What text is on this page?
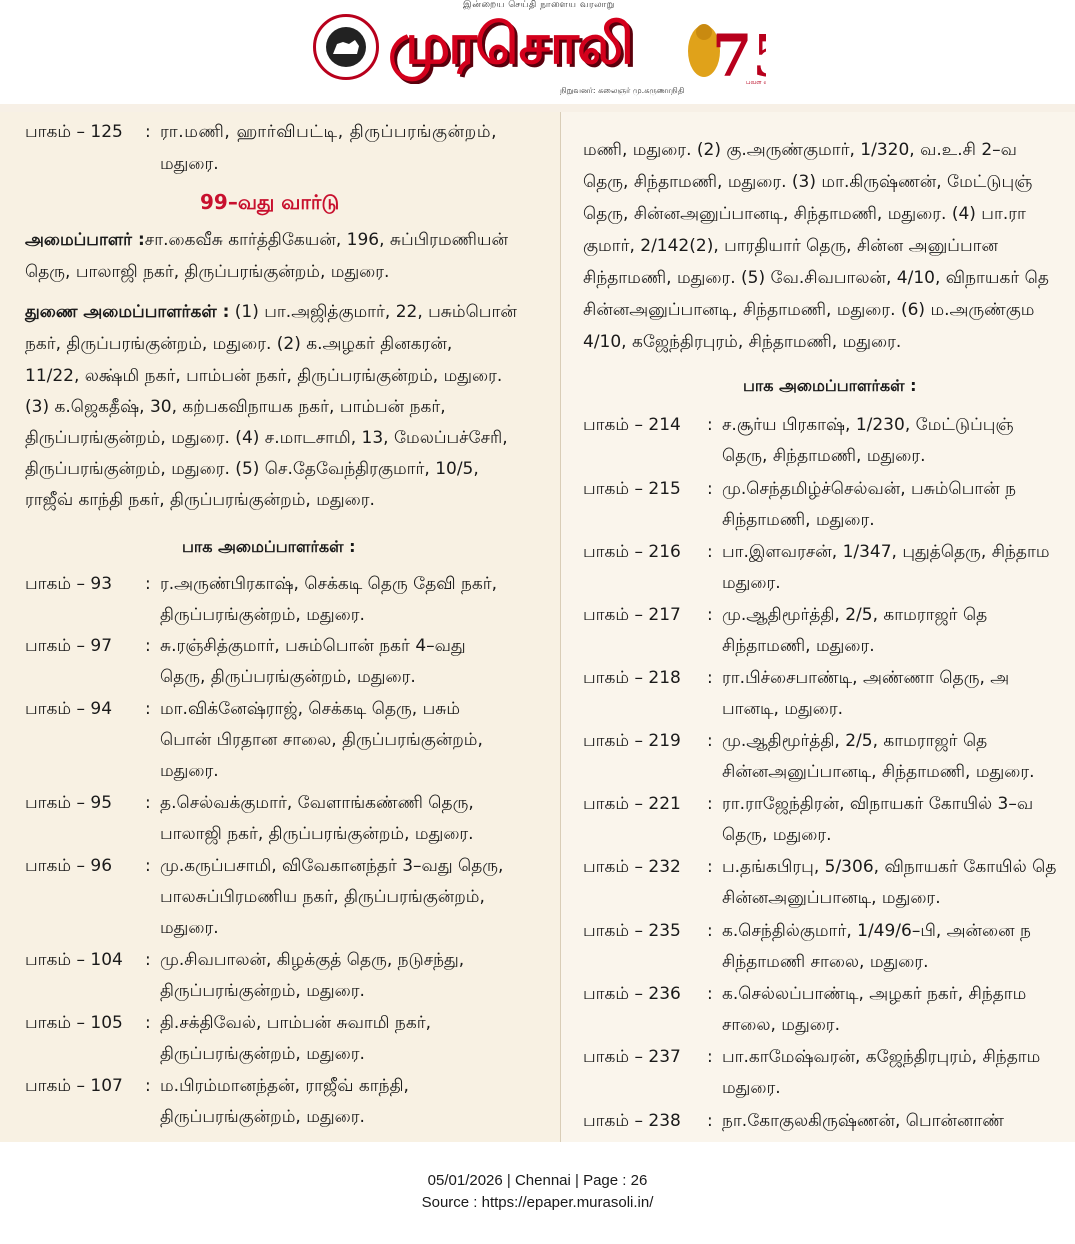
இன்றைய செய்தி நாளைய வரலாறு
முரசொலி
நிறுவனர்: கலைஞர் மு.கருணாநிதி
7
பவள
பாகம் – 125 : ரா.மணி, ஹார்விபட்டி, திருப்பரங்குன்றம்,
மதுரை.
99–வது வார்டு
அமைப்பாளர் :சா.கைவீசு கார்த்திகேயன், 196, சுப்பிரமணியன்
தெரு, பாலாஜி நகர், திருப்பரங்குன்றம், மதுரை.
துணை அமைப்பாளர்கள் : (1) பா.அஜித்குமார், 22, பசும்பொன்
நகர், திருப்பரங்குன்றம், மதுரை. (2) க.அழகர் தினகரன்,
11/22, லக்ஷ்மி நகர், பாம்பன் நகர், திருப்பரங்குன்றம், மதுரை.
(3) க.ஜெகதீஷ், 30, கற்பகவிநாயக நகர், பாம்பன் நகர்,
திருப்பரங்குன்றம், மதுரை. (4) ச.மாடசாமி, 13, மேலப்பச்சேரி,
திருப்பரங்குன்றம், மதுரை. (5) செ.தேவேந்திரகுமார், 10/5,
ராஜீவ் காந்தி நகர், திருப்பரங்குன்றம், மதுரை.
பாக அமைப்பாளர்கள் :
பாகம் – 93 : ர.அருண்பிரகாஷ், செக்கடி தெரு தேவி நகர்,
திருப்பரங்குன்றம், மதுரை.
பாகம் – 97 : சு.ரஞ்சித்குமார், பசும்பொன் நகர் 4–வது
தெரு, திருப்பரங்குன்றம், மதுரை.
பாகம் – 94 : மா.விக்னேஷ்ராஜ், செக்கடி தெரு, பசும்
பொன் பிரதான சாலை, திருப்பரங்குன்றம்,
மதுரை.
பாகம் – 95 : த.செல்வக்குமார், வேளாங்கண்ணி தெரு,
பாலாஜி நகர், திருப்பரங்குன்றம், மதுரை.
பாகம் – 96 : மு.கருப்பசாமி, விவேகானந்தர் 3–வது தெரு,
பாலசுப்பிரமணிய நகர், திருப்பரங்குன்றம்,
மதுரை.
பாகம் – 104 : மு.சிவபாலன், கிழக்குத் தெரு, நடுசந்து,
திருப்பரங்குன்றம், மதுரை.
பாகம் – 105 : தி.சக்திவேல், பாம்பன் சுவாமி நகர்,
திருப்பரங்குன்றம், மதுரை.
பாகம் – 107 : ம.பிரம்மானந்தன், ராஜீவ் காந்தி,
திருப்பரங்குன்றம், மதுரை.
மணி, மதுரை. (2) கு.அருண்குமார், 1/320, வ.உ.சி 2–வ
தெரு, சிந்தாமணி, மதுரை. (3) மா.கிருஷ்ணன், மேட்டுபுஞ்
தெரு, சின்னஅனுப்பானடி, சிந்தாமணி, மதுரை. (4) பா.ரா
குமார், 2/142(2), பாரதியார் தெரு, சின்ன அனுப்பான
சிந்தாமணி, மதுரை. (5) வே.சிவபாலன், 4/10, விநாயகர் தெ
சின்னஅனுப்பானடி, சிந்தாமணி, மதுரை. (6) ம.அருண்கும
4/10, கஜேந்திரபுரம், சிந்தாமணி, மதுரை.
பாக அமைப்பாளர்கள் :
பாகம் – 214 : ச.சூர்ய பிரகாஷ், 1/230, மேட்டுப்புஞ்
தெரு, சிந்தாமணி, மதுரை.
பாகம் – 215 : மு.செந்தமிழ்ச்செல்வன், பசும்பொன் ந
சிந்தாமணி, மதுரை.
பாகம் – 216 : பா.இளவரசன், 1/347, புதுத்தெரு, சிந்தாம
மதுரை.
பாகம் – 217 : மு.ஆதிமூர்த்தி, 2/5, காமராஜர் தெ
சிந்தாமணி, மதுரை.
பாகம் – 218 : ரா.பிச்சைபாண்டி, அண்ணா தெரு, அ
பானடி, மதுரை.
பாகம் – 219 : மு.ஆதிமூர்த்தி, 2/5, காமராஜர் தெ
சின்னஅனுப்பானடி, சிந்தாமணி, மதுரை.
பாகம் – 221 : ரா.ராஜேந்திரன், விநாயகர் கோயில் 3–வ
தெரு, மதுரை.
பாகம் – 232 : ப.தங்கபிரபு, 5/306, விநாயகர் கோயில் தெ
சின்னஅனுப்பானடி, மதுரை.
பாகம் – 235 : க.செந்தில்குமார், 1/49/6–பி, அன்னை ந
சிந்தாமணி சாலை, மதுரை.
பாகம் – 236 : க.செல்லப்பாண்டி, அழகர் நகர், சிந்தாம
சாலை, மதுரை.
பாகம் – 237 : பா.காமேஷ்வரன், கஜேந்திரபுரம், சிந்தாம
மதுரை.
பாகம் – 238 : நா.கோகுலகிருஷ்ணன், பொன்னாண்
05/01/2026 | Chennai | Page : 26
Source : https://epaper.murasoli.in/
